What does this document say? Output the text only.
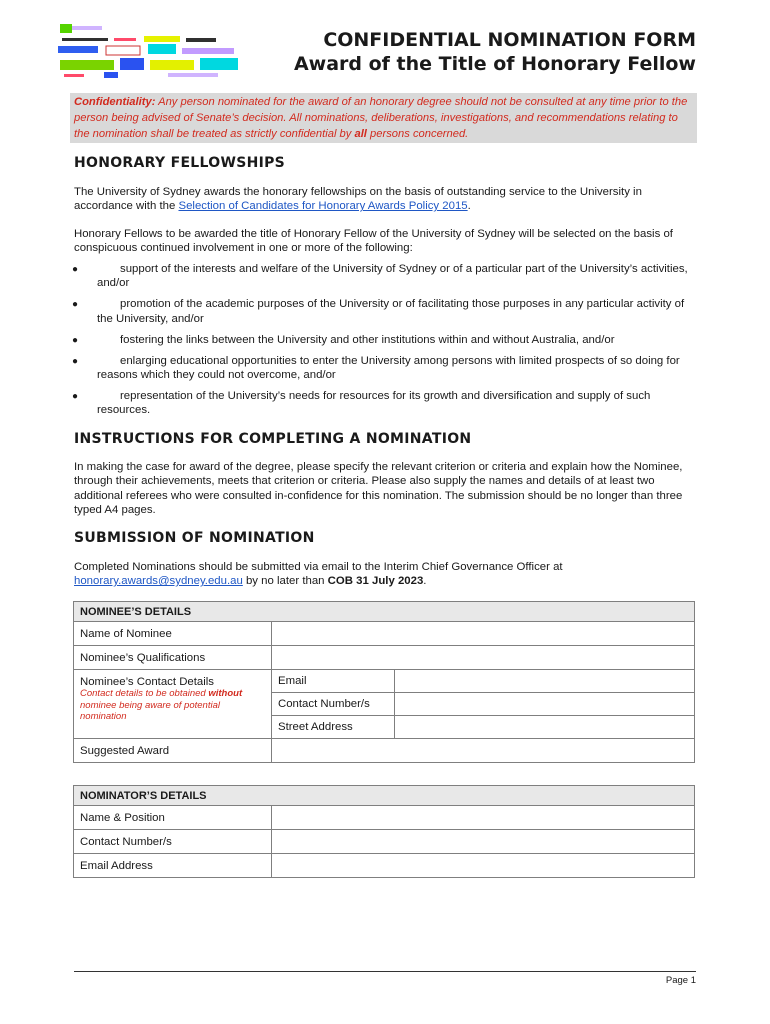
CONFIDENTIAL NOMINATION FORM
Award of the Title of Honorary Fellow
Confidentiality: Any person nominated for the award of an honorary degree should not be consulted at any time prior to the person being advised of Senate’s decision. All nominations, deliberations, investigations, and recommendations relating to the nomination shall be treated as strictly confidential by all persons concerned.
HONORARY FELLOWSHIPS
The University of Sydney awards the honorary fellowships on the basis of outstanding service to the University in accordance with the Selection of Candidates for Honorary Awards Policy 2015.
Honorary Fellows to be awarded the title of Honorary Fellow of the University of Sydney will be selected on the basis of conspicuous continued involvement in one or more of the following:
●	support of the interests and welfare of the University of Sydney or of a particular part of the University’s activities, and/or
●	promotion of the academic purposes of the University or of facilitating those purposes in any particular activity of the University, and/or
●	fostering the links between the University and other institutions within and without Australia, and/or
●	enlarging educational opportunities to enter the University among persons with limited prospects of so doing for reasons which they could not overcome, and/or
●	representation of the University’s needs for resources for its growth and diversification and supply of such resources.
INSTRUCTIONS FOR COMPLETING A NOMINATION
In making the case for award of the degree, please specify the relevant criterion or criteria and explain how the Nominee, through their achievements, meets that criterion or criteria. Please also supply the names and details of at least two additional referees who were consulted in-confidence for this nomination. The submission should be no longer than three typed A4 pages.
SUBMISSION OF NOMINATION
Completed Nominations should be submitted via email to the Interim Chief Governance Officer at honorary.awards@sydney.edu.au by no later than COB 31 July 2023.
NOMINEE’S DETAILS		
Name of Nominee		
Nominee’s Qualifications		

Nominee’s Contact Details
Contact details to be obtained without nominee being aware of potential nomination	Email	
	Contact Number/s	
	Street Address	
Suggested Award		
NOMINATOR’S DETAILS	
Name & Position	
Contact Number/s	
Email Address	
Page 1
